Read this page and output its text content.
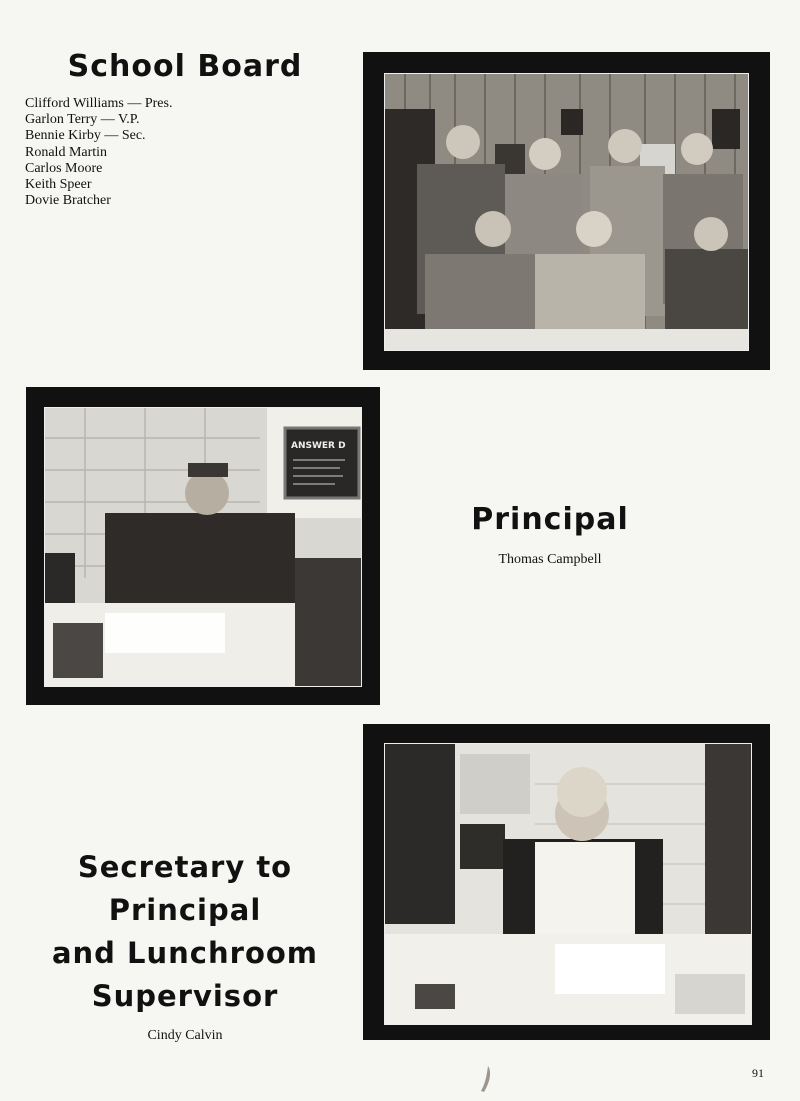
School Board
Clifford Williams — Pres.
Garlon Terry — V.P.
Bennie Kirby — Sec.
Ronald Martin
Carlos Moore
Keith Speer
Dovie Bratcher
ANSWER D
Principal
Thomas Campbell
Secretary to
Principal
and Lunchroom
Supervisor
Cindy Calvin
91
